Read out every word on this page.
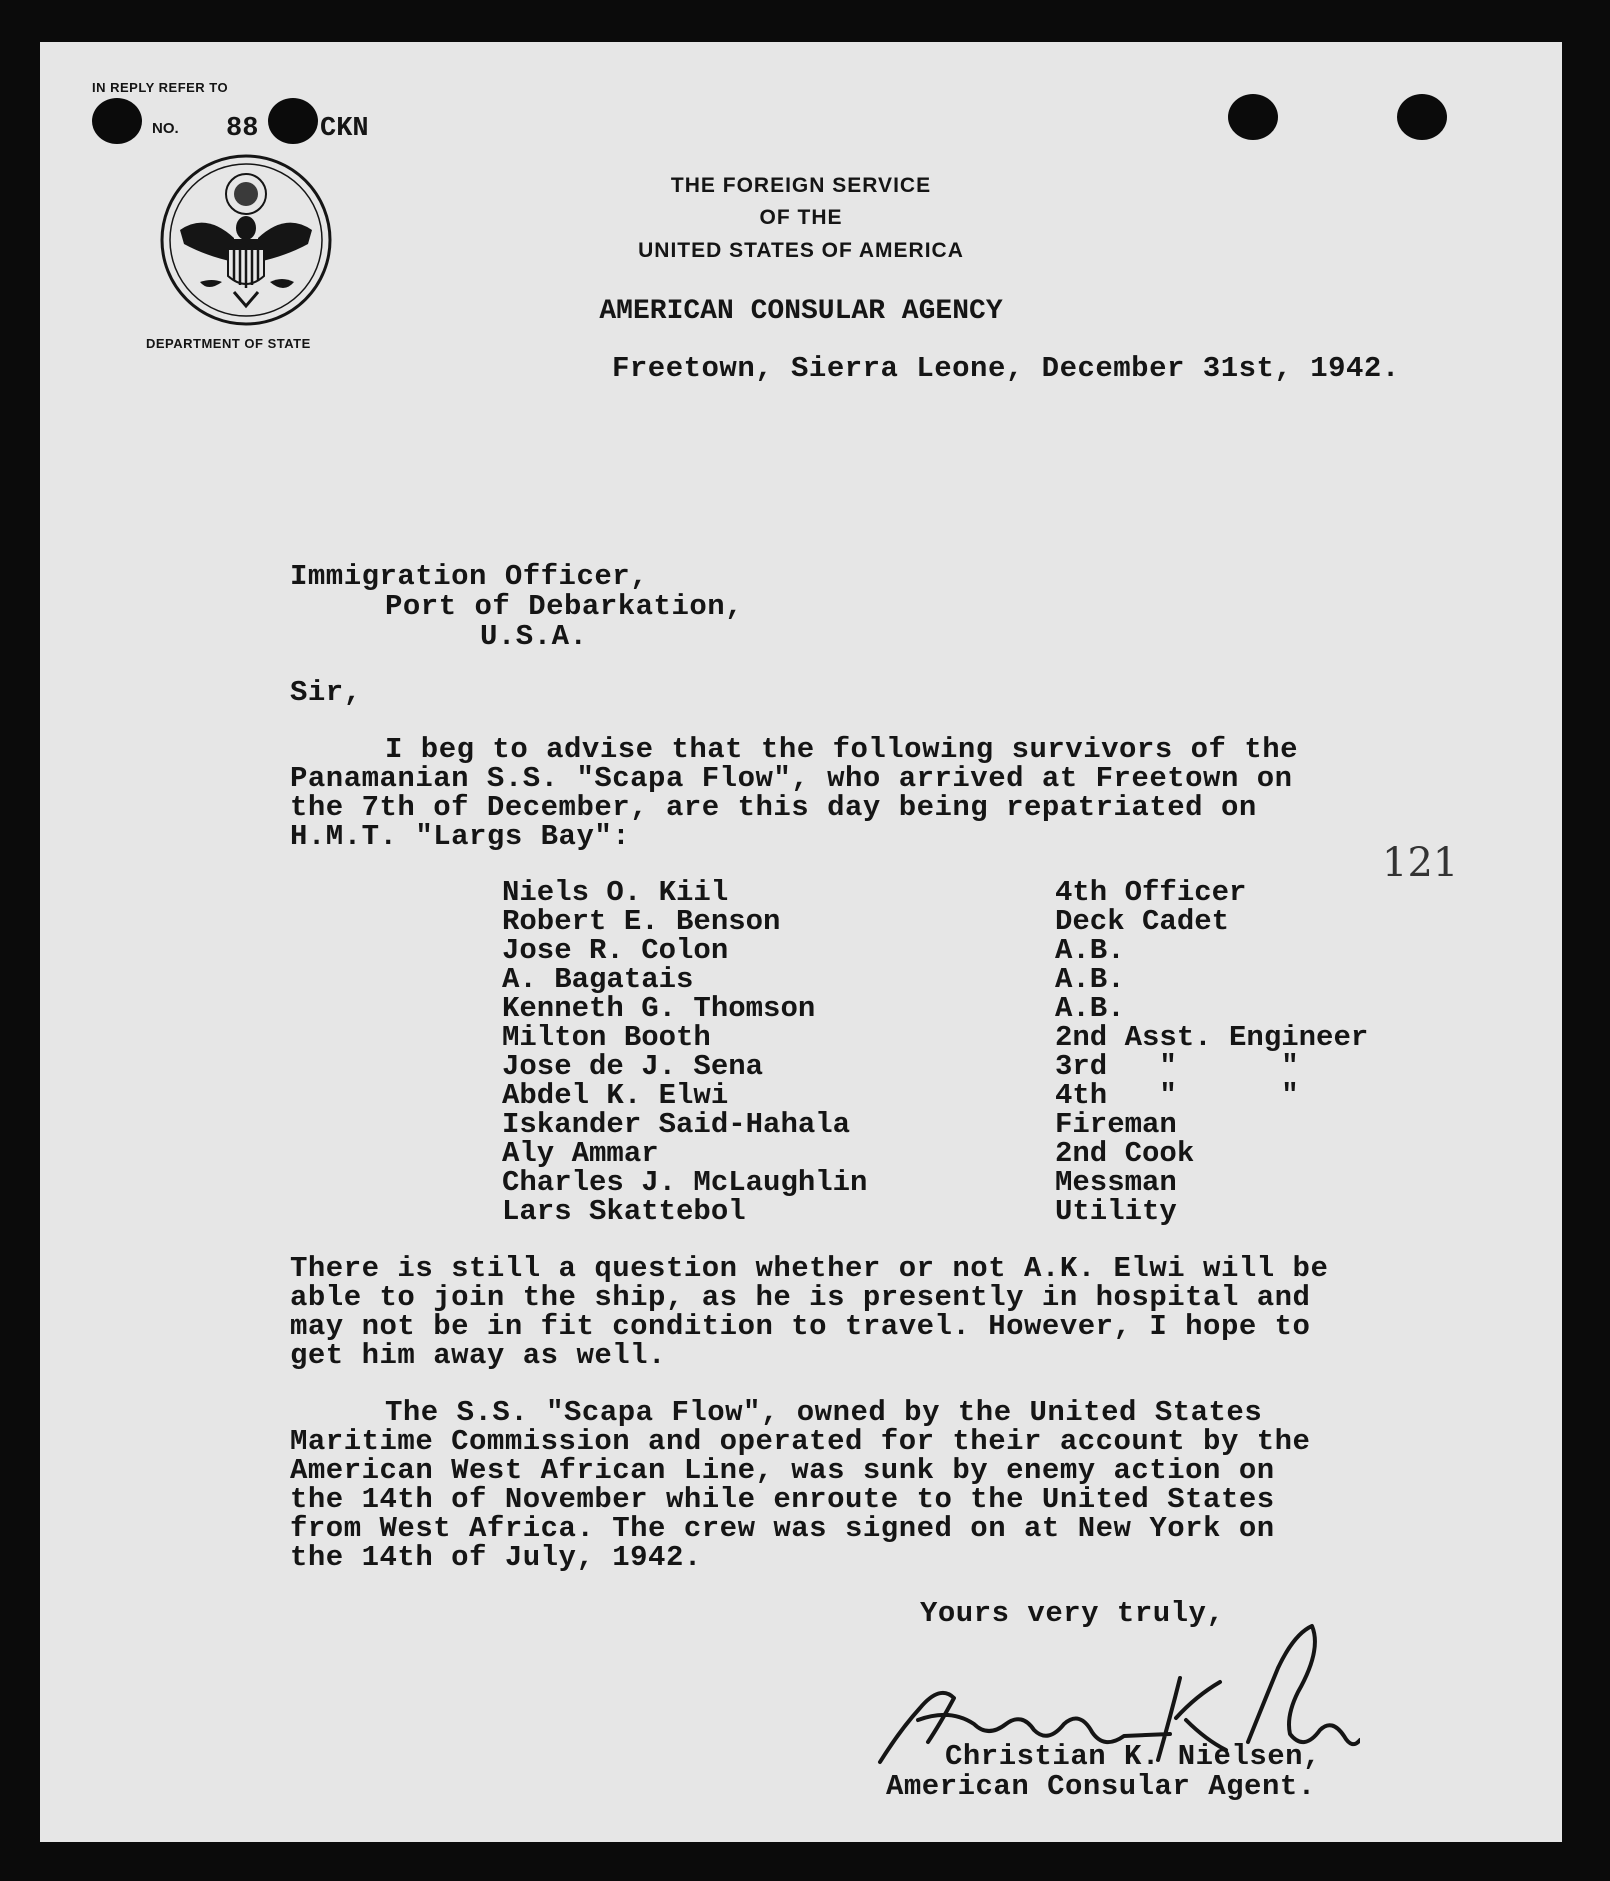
IN REPLY REFER TO
NO. 88 CKN
DEPARTMENT OF STATE
THE FOREIGN SERVICE
OF THE
UNITED STATES OF AMERICA
AMERICAN CONSULAR AGENCY
Freetown, Sierra Leone, December 31st, 1942.
Immigration Officer,
Port of Debarkation,
U.S.A.
Sir,
I beg to advise that the following survivors of the
Panamanian S.S. "Scapa Flow", who arrived at Freetown on
the 7th of December, are this day being repatriated on
H.M.T. "Largs Bay":
121
Niels O. Kiil	4th Officer
Robert E. Benson	Deck Cadet
Jose R. Colon	A.B.
A. Bagatais	A.B.
Kenneth G. Thomson	A.B.
Milton Booth	2nd Asst. Engineer
Jose de J. Sena	3rd   "      "
Abdel K. Elwi	4th   "      "
Iskander Said-Hahala	Fireman
Aly Ammar	2nd Cook
Charles J. McLaughlin	Messman
Lars Skattebol	Utility
There is still a question whether or not A.K. Elwi will be
able to join the ship, as he is presently in hospital and
may not be in fit condition to travel. However, I hope to
get him away as well.
The S.S. "Scapa Flow", owned by the United States
Maritime Commission and operated for their account by the
American West African Line, was sunk by enemy action on
the 14th of November while enroute to the United States
from West Africa. The crew was signed on at New York on
the 14th of July, 1942.
Yours very truly,
Christian K. Nielsen,
American Consular Agent.
